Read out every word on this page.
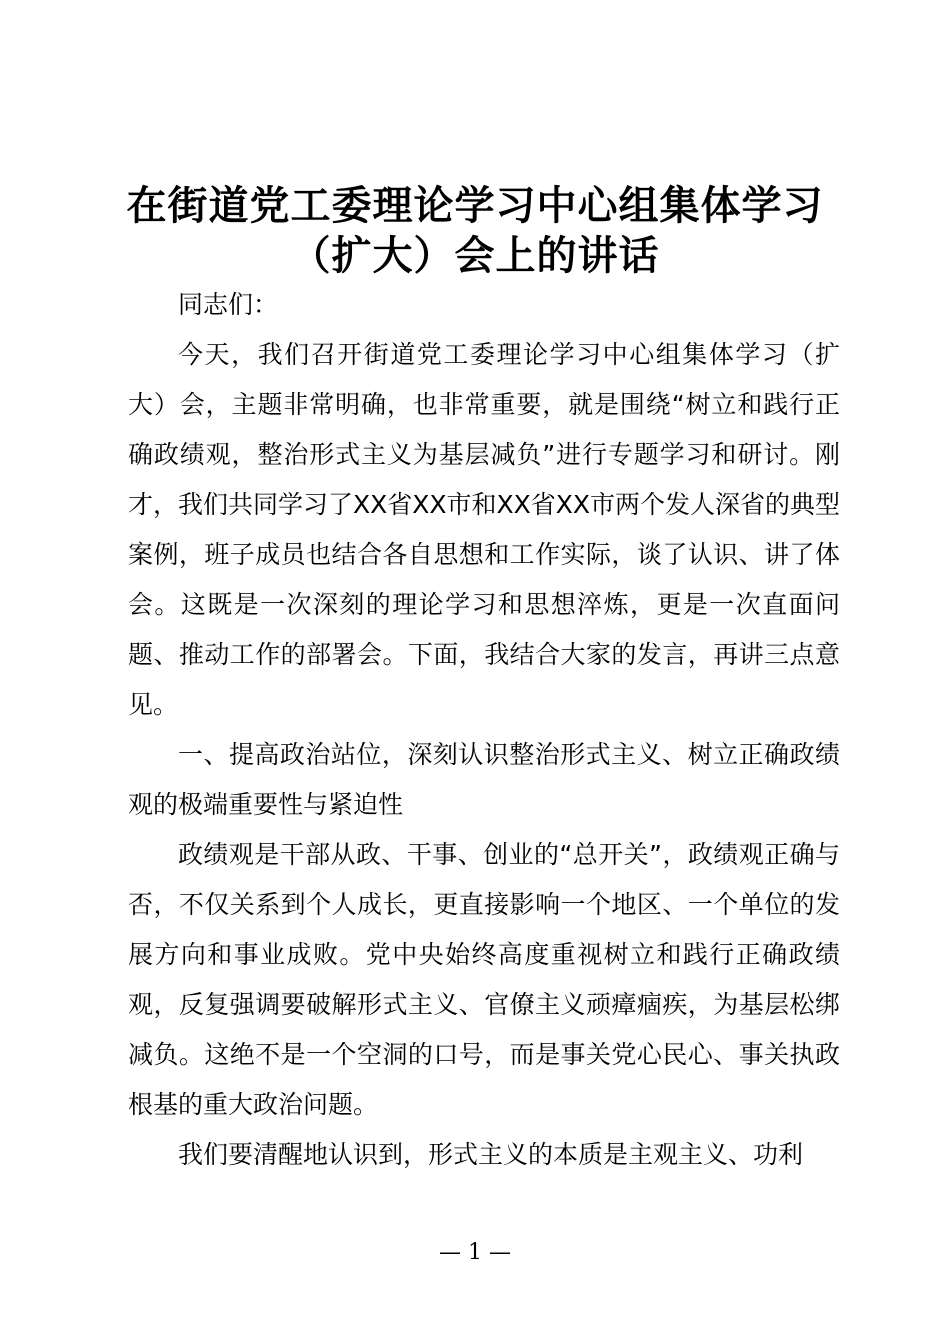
在街道党工委理论学习中心组集体学习
（扩大）会上的讲话

同志们：

今天，我们召开街道党工委理论学习中心组集体学习（扩大）会，主题非常明确，也非常重要，就是围绕“树立和践行正确政绩观，整治形式主义为基层减负”进行专题学习和研讨。刚才，我们共同学习了XX省XX市和XX省XX市两个发人深省的典型案例，班子成员也结合各自思想和工作实际，谈了认识、讲了体会。这既是一次深刻的理论学习和思想淬炼，更是一次直面问题、推动工作的部署会。下面，我结合大家的发言，再讲三点意见。

一、提高政治站位，深刻认识整治形式主义、树立正确政绩观的极端重要性与紧迫性

政绩观是干部从政、干事、创业的“总开关”，政绩观正确与否，不仅关系到个人成长，更直接影响一个地区、一个单位的发展方向和事业成败。党中央始终高度重视树立和践行正确政绩观，反复强调要破解形式主义、官僚主义顽瘴痼疾，为基层松绑减负。这绝不是一个空洞的口号，而是事关党心民心、事关执政根基的重大政治问题。

我们要清醒地认识到，形式主义的本质是主观主义、功利

— 1 —
